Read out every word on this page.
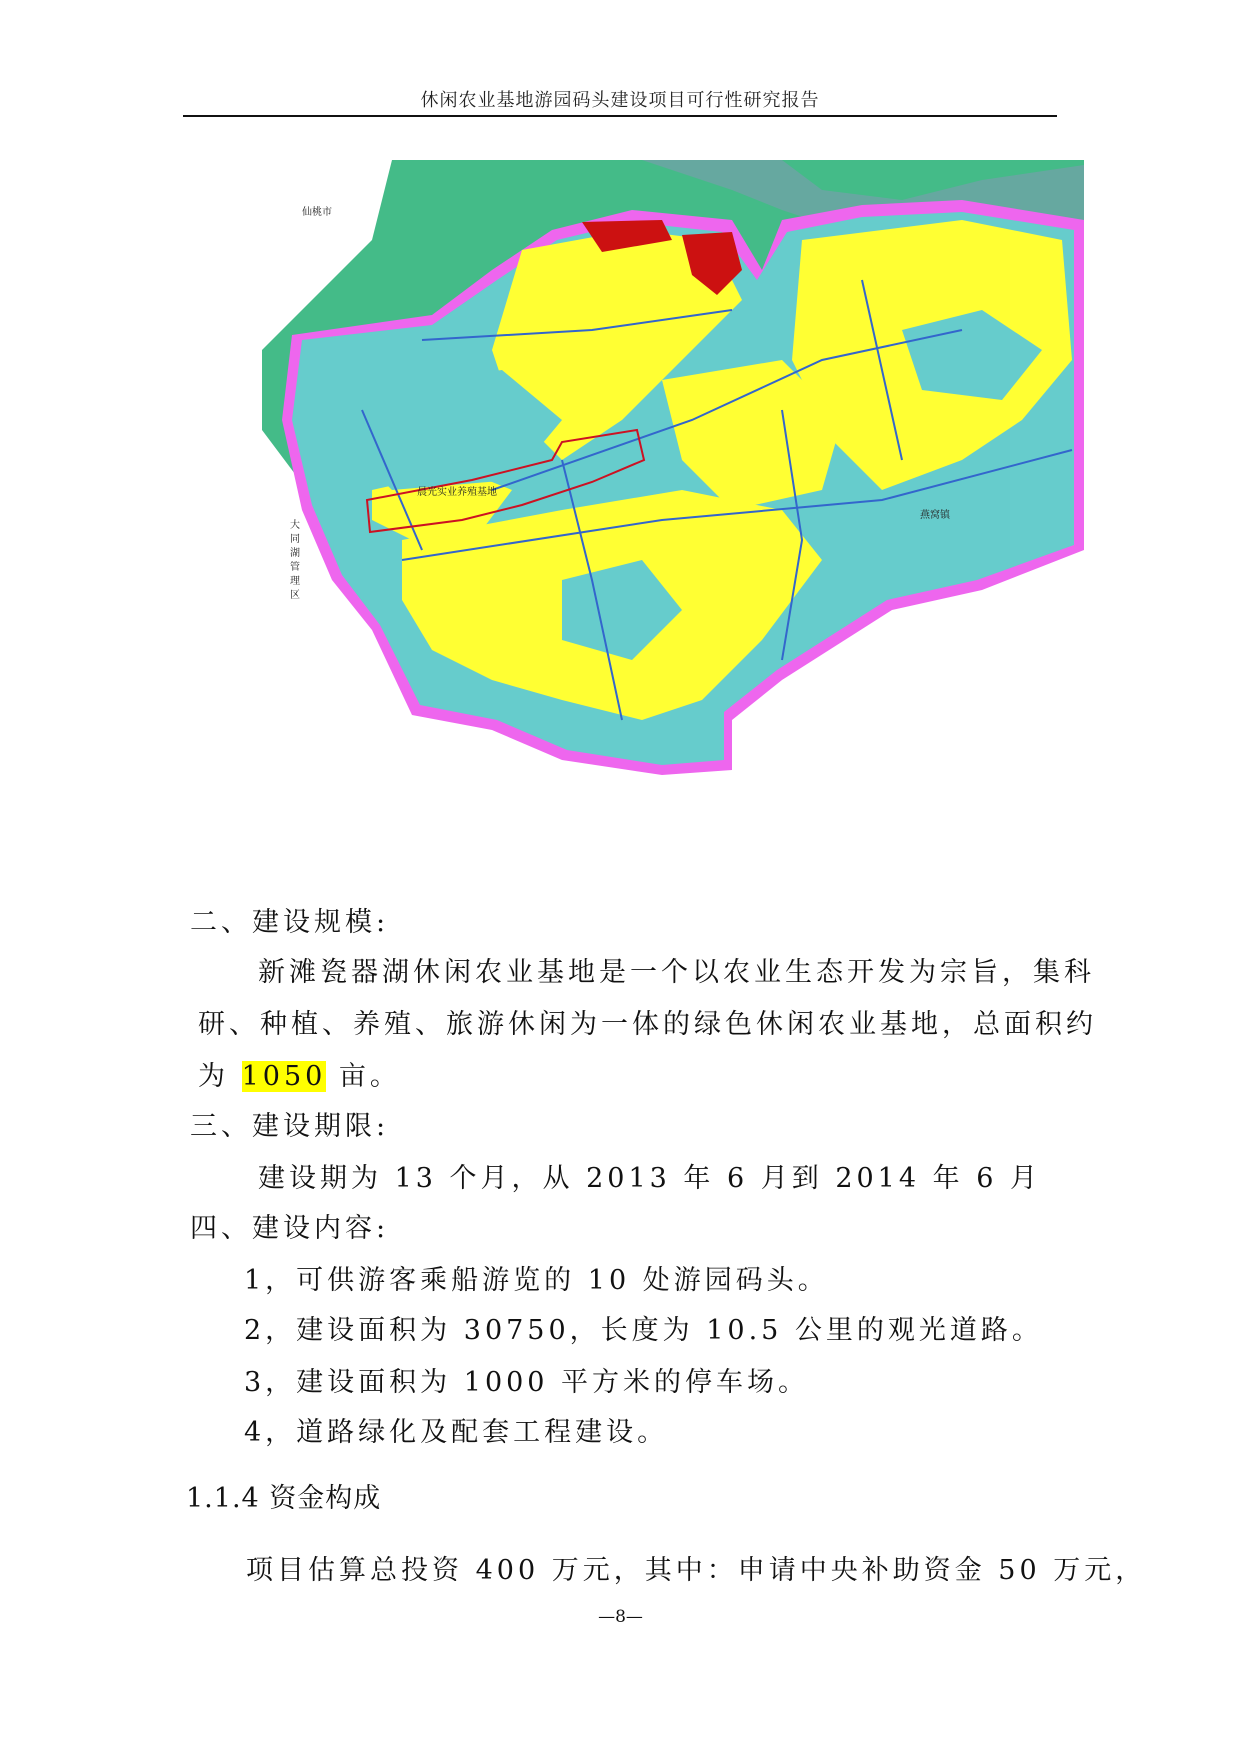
休闲农业基地游园码头建设项目可行性研究报告
仙桃市
晨光实业养殖基地
燕窝镇
大
同
湖
管
理
区
二、建设规模:
新滩瓷器湖休闲农业基地是一个以农业生态开发为宗旨，集科
研、种植、养殖、旅游休闲为一体的绿色休闲农业基地，总面积约
为 1050 亩。
三、建设期限:
建设期为 13 个月，从 2013 年 6 月到 2014 年 6 月
四、建设内容:
1，可供游客乘船游览的 10 处游园码头。
2，建设面积为 30750，长度为 10.5 公里的观光道路。
3，建设面积为 1000 平方米的停车场。
4，道路绿化及配套工程建设。
1.1.4 资金构成
项目估算总投资 400 万元，其中：申请中央补助资金 50 万元，
—8—
